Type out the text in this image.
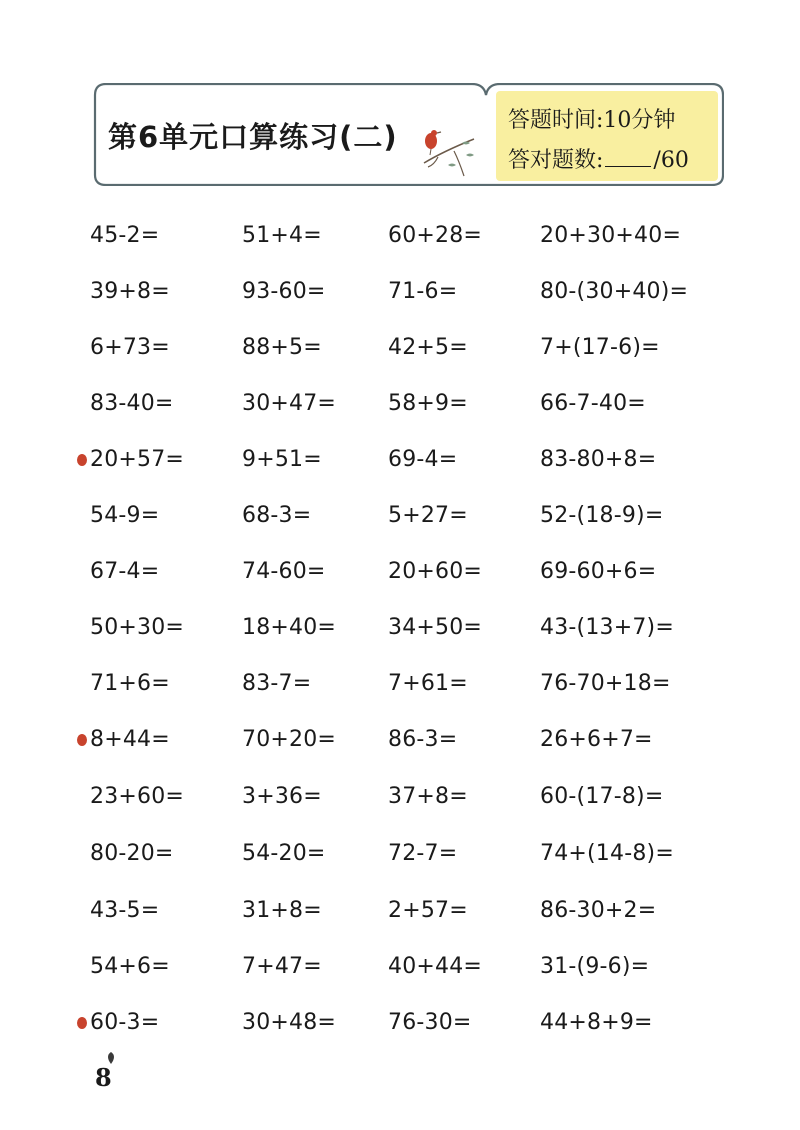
第6单元口算练习(二)	答题时间:10分钟
答对题数: /60
45-2=
39+8=
6+73=
83-40=
20+57=
54-9=
67-4=
50+30=
71+6=
8+44=
23+60=
80-20=
43-5=
54+6=
60-3=
51+4=
93-60=
88+5=
30+47=
9+51=
68-3=
74-60=
18+40=
83-7=
70+20=
3+36=
54-20=
31+8=
7+47=
30+48=
60+28=
71-6=
42+5=
58+9=
69-4=
5+27=
20+60=
34+50=
7+61=
86-3=
37+8=
72-7=
2+57=
40+44=
76-30=
20+30+40=
80-(30+40)=
7+(17-6)=
66-7-40=
83-80+8=
52-(18-9)=
69-60+6=
43-(13+7)=
76-70+18=
26+6+7=
60-(17-8)=
74+(14-8)=
86-30+2=
31-(9-6)=
44+8+9=
8
